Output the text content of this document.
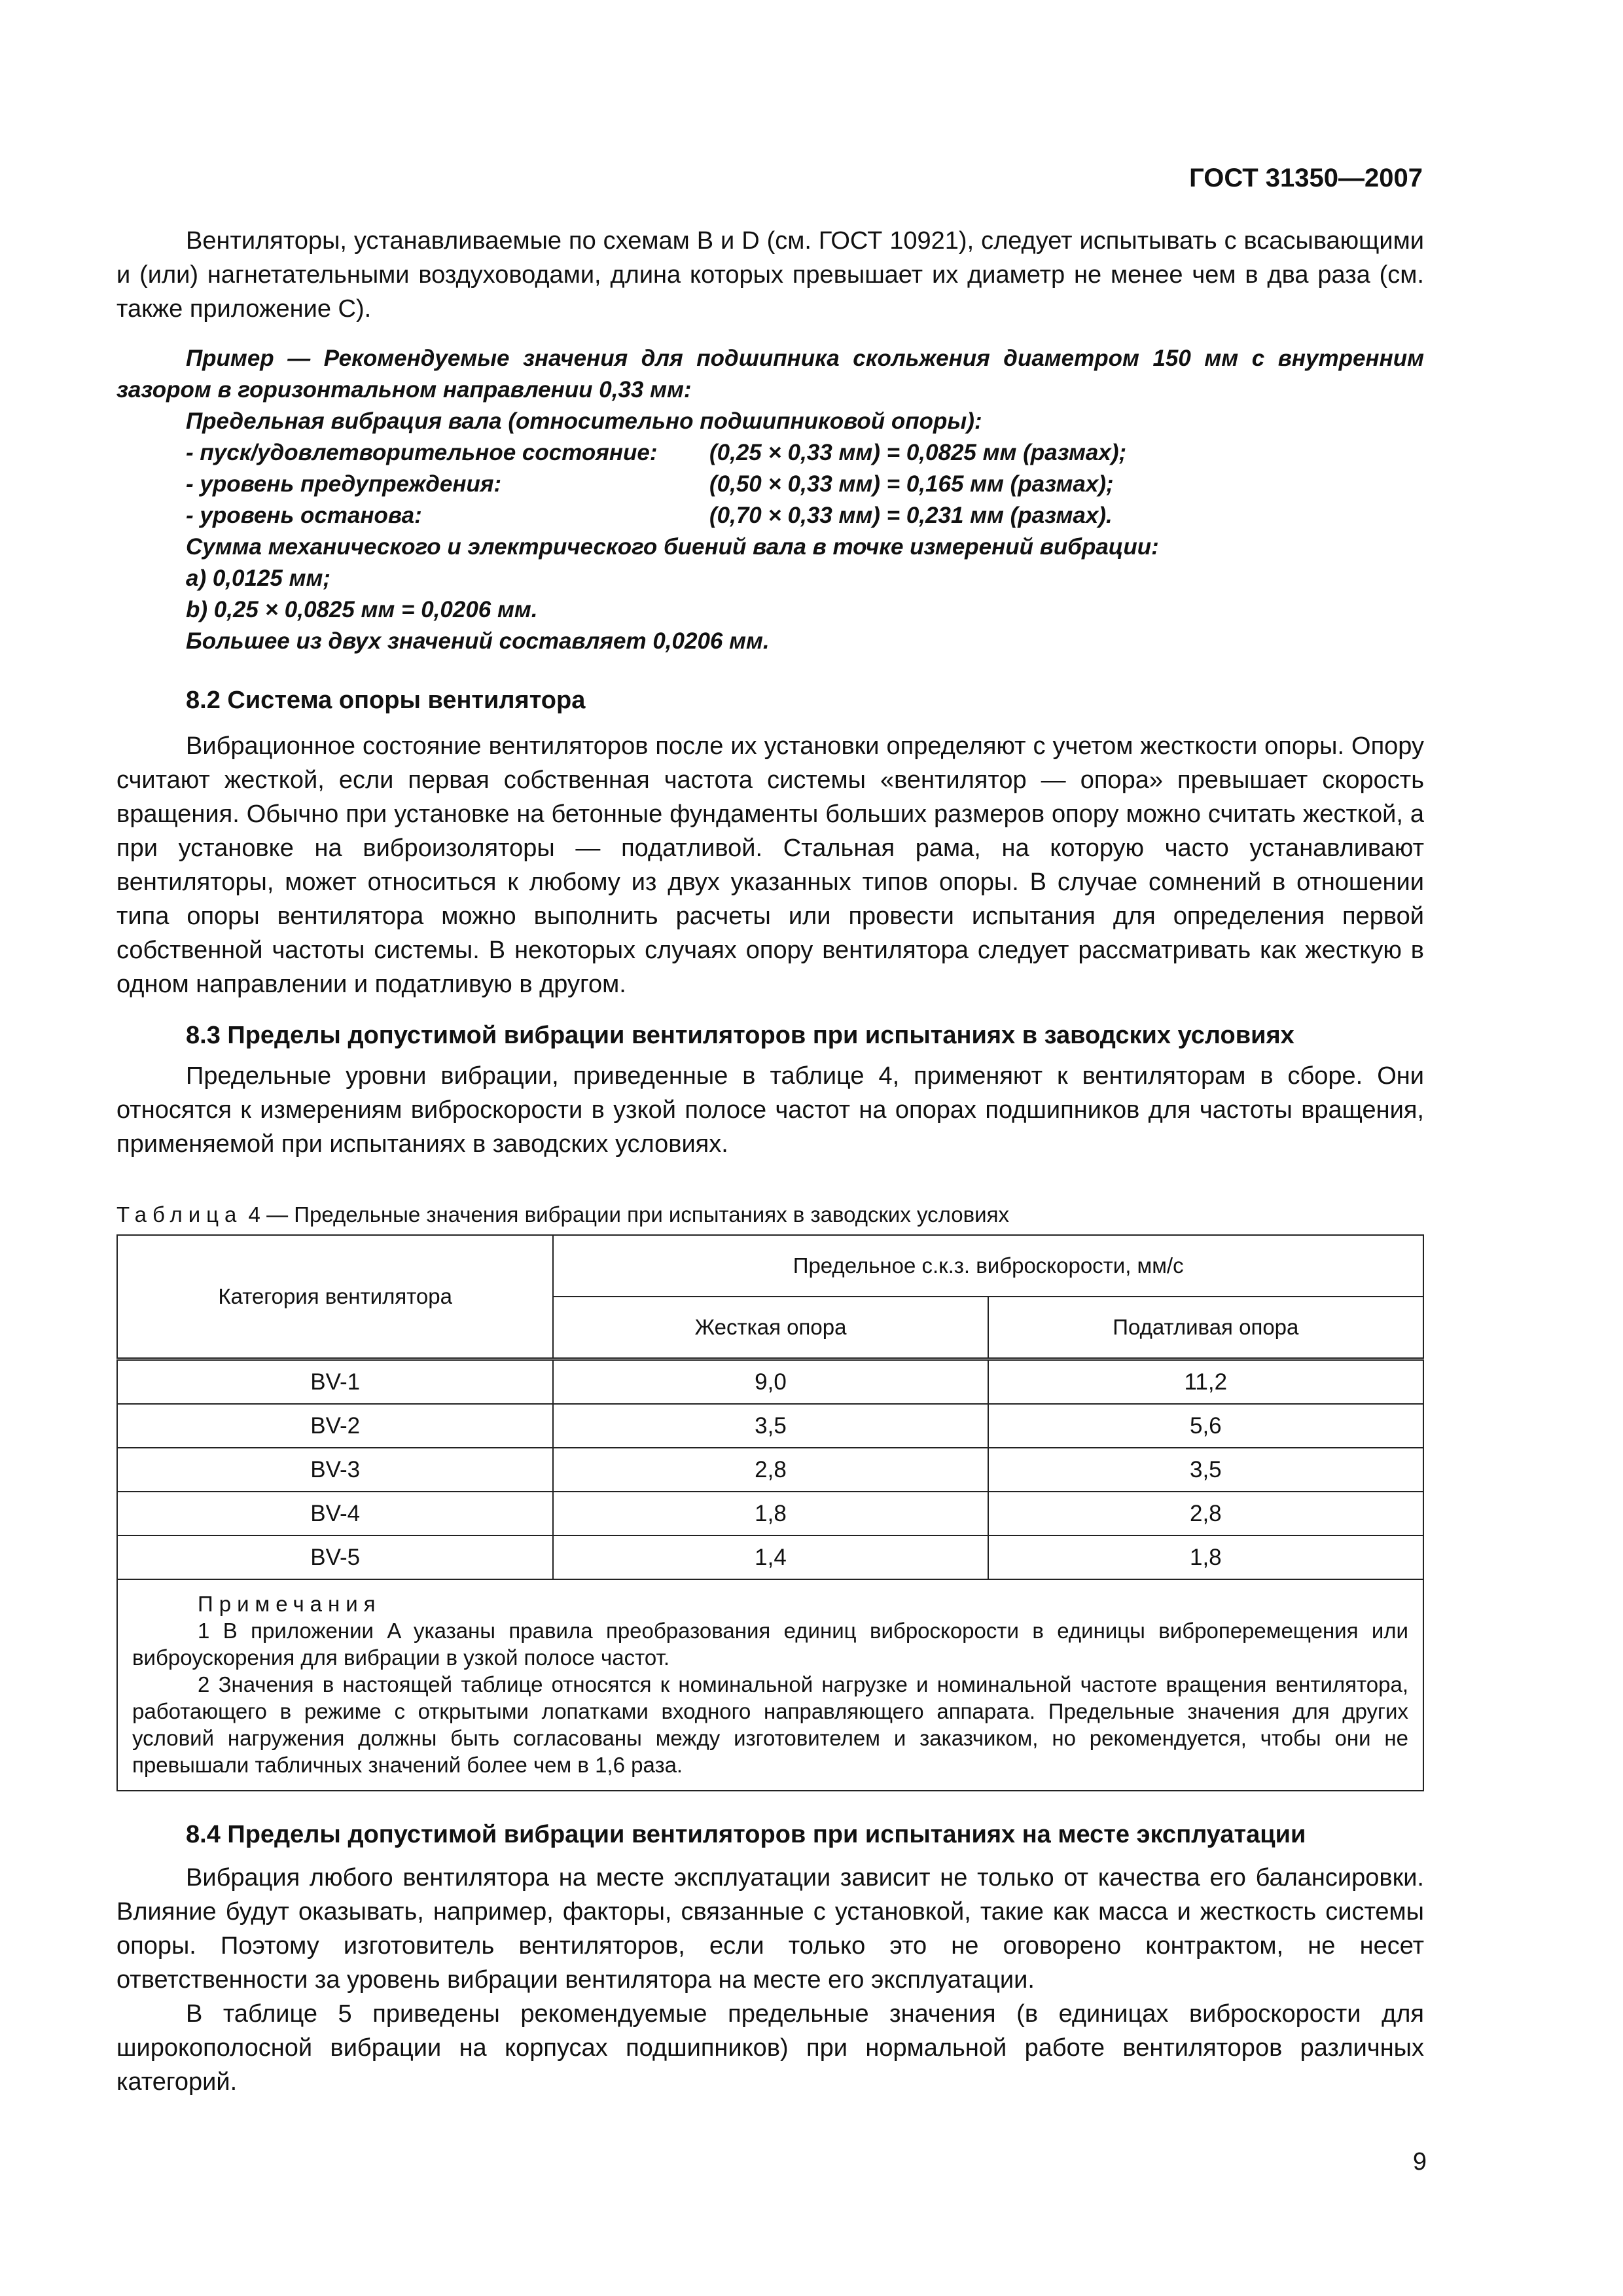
ГОСТ 31350—2007

Вентиляторы, устанавливаемые по схемам B и D (см. ГОСТ 10921), следует испытывать с всасывающими и (или) нагнетательными воздуховодами, длина которых превышает их диаметр не менее чем в два раза (см. также приложение C).

Пример — Рекомендуемые значения для подшипника скольжения диаметром 150 мм с внутренним зазором в горизонтальном направлении 0,33 мм:

Предельная вибрация вала (относительно подшипниковой опоры):

- пуск/удовлетворительное состояние:	(0,25 × 0,33 мм) = 0,0825 мм (размах);
- уровень предупреждения:	(0,50 × 0,33 мм) = 0,165 мм (размах);
- уровень останова:	(0,70 × 0,33 мм) = 0,231 мм (размах).

Сумма механического и электрического биений вала в точке измерений вибрации:

a) 0,0125 мм;

b) 0,25 × 0,0825 мм = 0,0206 мм.

Большее из двух значений составляет 0,0206 мм.

8.2 Система опоры вентилятора

Вибрационное состояние вентиляторов после их установки определяют с учетом жесткости опоры. Опору считают жесткой, если первая собственная частота системы «вентилятор — опора» превышает скорость вращения. Обычно при установке на бетонные фундаменты больших размеров опору можно считать жесткой, а при установке на виброизоляторы — податливой. Стальная рама, на которую часто устанавливают вентиляторы, может относиться к любому из двух указанных типов опоры. В случае сомнений в отношении типа опоры вентилятора можно выполнить расчеты или провести испытания для определения первой собственной частоты системы. В некоторых случаях опору вентилятора следует рассматривать как жесткую в одном направлении и податливую в другом.

8.3 Пределы допустимой вибрации вентиляторов при испытаниях в заводских условиях

Предельные уровни вибрации, приведенные в таблице 4, применяют к вентиляторам в сборе. Они относятся к измерениям виброскорости в узкой полосе частот на опорах подшипников для частоты вращения, применяемой при испытаниях в заводских условиях.

Таблица 4 — Предельные значения вибрации при испытаниях в заводских условиях
Категория вентилятора	Предельное с.к.з. виброскорости, мм/с	
	Жесткая опора	Податливая опора
BV-1	9,0	11,2
BV-2	3,5	5,6
BV-3	2,8	3,5
BV-4	1,8	2,8
BV-5	1,4	1,8

Примечания
1 В приложении A указаны правила преобразования единиц виброскорости в единицы виброперемещения или виброускорения для вибрации в узкой полосе частот.
2 Значения в настоящей таблице относятся к номинальной нагрузке и номинальной частоте вращения вентилятора, работающего в режиме с открытыми лопатками входного направляющего аппарата. Предельные значения для других условий нагружения должны быть согласованы между изготовителем и заказчиком, но рекомендуется, чтобы они не превышали табличных значений более чем в 1,6 раза.		
8.4 Пределы допустимой вибрации вентиляторов при испытаниях на месте эксплуатации

Вибрация любого вентилятора на месте эксплуатации зависит не только от качества его балансировки. Влияние будут оказывать, например, факторы, связанные с установкой, такие как масса и жесткость системы опоры. Поэтому изготовитель вентиляторов, если только это не оговорено контрактом, не несет ответственности за уровень вибрации вентилятора на месте его эксплуатации.

В таблице 5 приведены рекомендуемые предельные значения (в единицах виброскорости для широкополосной вибрации на корпусах подшипников) при нормальной работе вентиляторов различных категорий.

9
